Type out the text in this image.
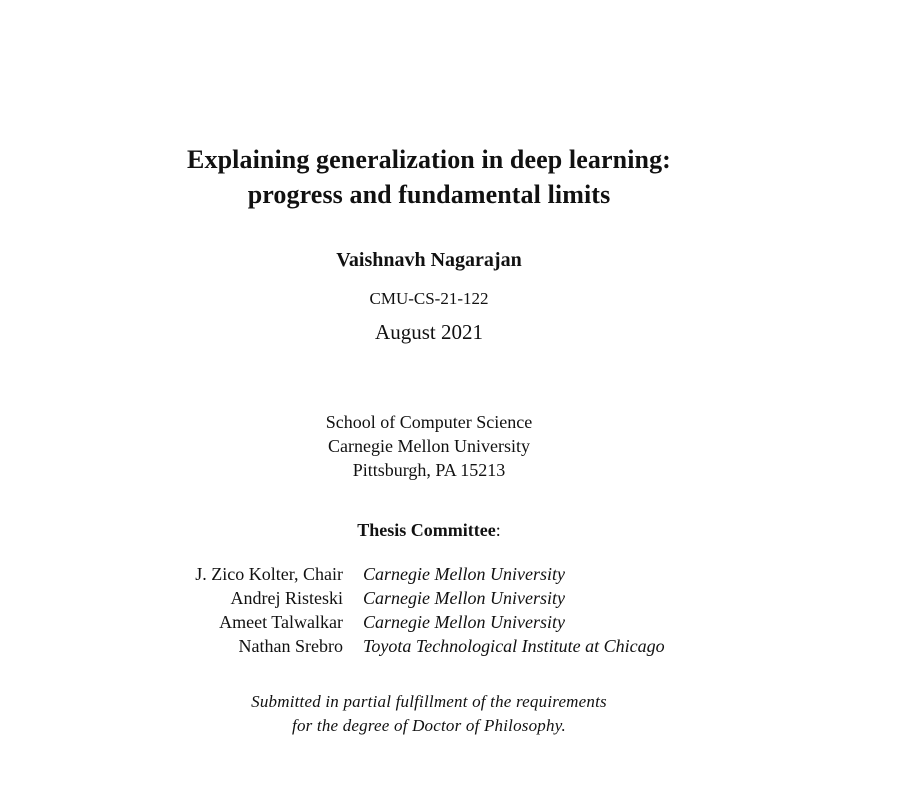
Explaining generalization in deep learning:
progress and fundamental limits
Vaishnavh Nagarajan
CMU-CS-21-122
August 2021
School of Computer Science
Carnegie Mellon University
Pittsburgh, PA 15213
Thesis Committee:
J. Zico Kolter, Chair Carnegie Mellon University
Andrej Risteski Carnegie Mellon University
Ameet Talwalkar Carnegie Mellon University
Nathan Srebro Toyota Technological Institute at Chicago
Submitted in partial fulfillment of the requirements
for the degree of Doctor of Philosophy.
